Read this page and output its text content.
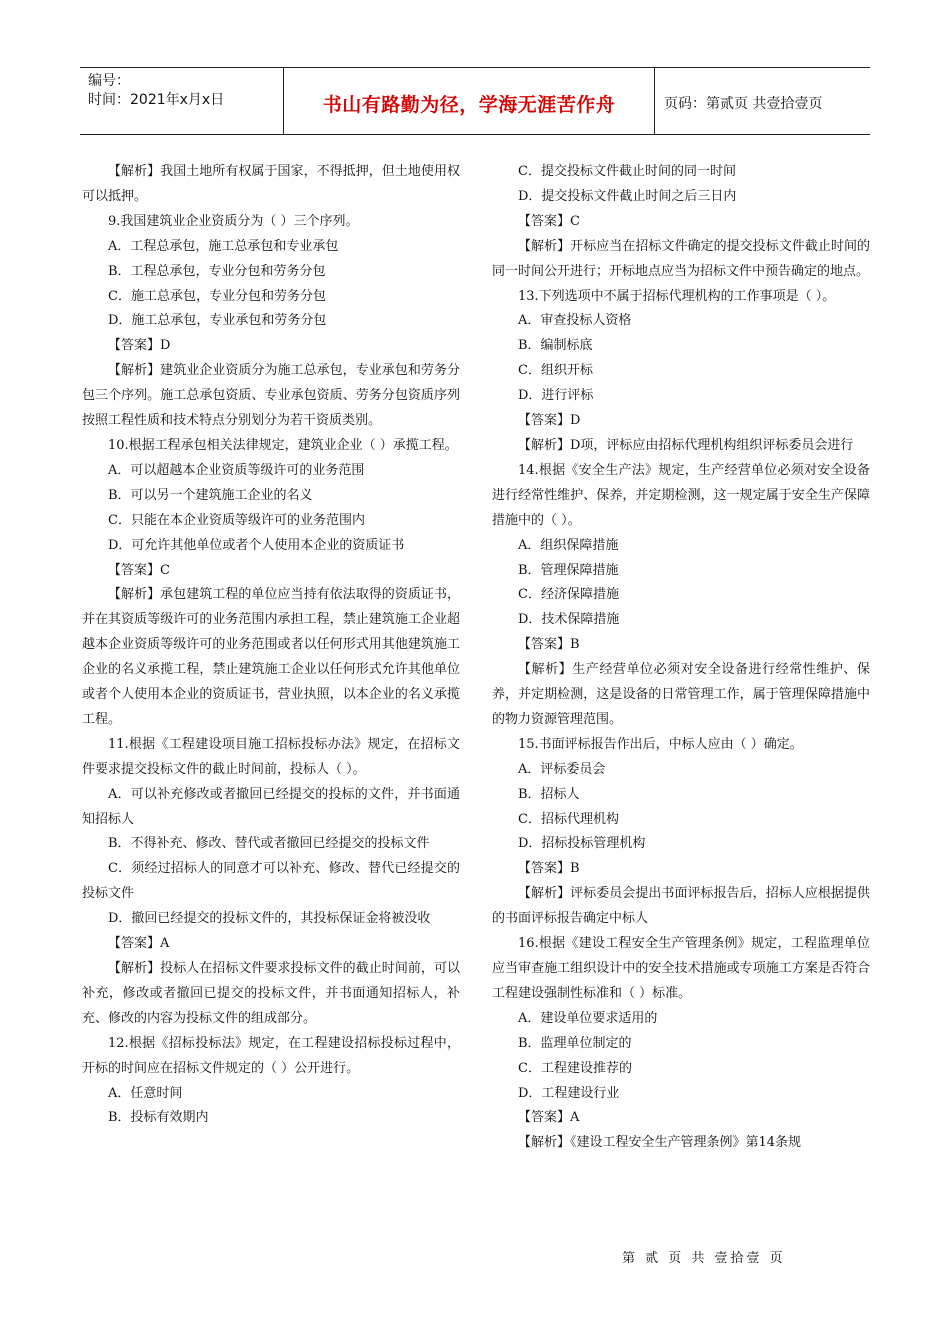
编号：
时间：2021年x月x日	书山有路勤为径，学海无涯苦作舟	页码：第贰页 共壹拾壹页

【解析】我国土地所有权属于国家，不得抵押，但土地使用权可以抵押。

9.我国建筑业企业资质分为（ ）三个序列。

A．工程总承包，施工总承包和专业承包

B．工程总承包，专业分包和劳务分包

C．施工总承包，专业分包和劳务分包

D．施工总承包，专业承包和劳务分包

【答案】D

【解析】建筑业企业资质分为施工总承包，专业承包和劳务分包三个序列。施工总承包资质、专业承包资质、劳务分包资质序列按照工程性质和技术特点分别划分为若干资质类别。

10.根据工程承包相关法律规定，建筑业企业（ ）承揽工程。

A．可以超越本企业资质等级许可的业务范围

B．可以另一个建筑施工企业的名义

C．只能在本企业资质等级许可的业务范围内

D．可允许其他单位或者个人使用本企业的资质证书

【答案】C

【解析】承包建筑工程的单位应当持有依法取得的资质证书，并在其资质等级许可的业务范围内承担工程，禁止建筑施工企业超越本企业资质等级许可的业务范围或者以任何形式用其他建筑施工企业的名义承揽工程，禁止建筑施工企业以任何形式允许其他单位或者个人使用本企业的资质证书，营业执照，以本企业的名义承揽工程。

11.根据《工程建设项目施工招标投标办法》规定，在招标文件要求提交投标文件的截止时间前，投标人（ ）。

A．可以补充修改或者撤回已经提交的投标的文件，并书面通知招标人

B．不得补充、修改、替代或者撤回已经提交的投标文件

C．须经过招标人的同意才可以补充、修改、替代已经提交的投标文件

D．撤回已经提交的投标文件的，其投标保证金将被没收

【答案】A

【解析】投标人在招标文件要求投标文件的截止时间前，可以补充，修改或者撤回已提交的投标文件，并书面通知招标人，补充、修改的内容为投标文件的组成部分。

12.根据《招标投标法》规定，在工程建设招标投标过程中，开标的时间应在招标文件规定的（ ）公开进行。

A．任意时间

B．投标有效期内

C．提交投标文件截止时间的同一时间

D．提交投标文件截止时间之后三日内

【答案】C

【解析】开标应当在招标文件确定的提交投标文件截止时间的同一时间公开进行；开标地点应当为招标文件中预告确定的地点。

13.下列选项中不属于招标代理机构的工作事项是（ ）。

A．审查投标人资格

B．编制标底

C．组织开标

D．进行评标

【答案】D

【解析】D项，评标应由招标代理机构组织评标委员会进行

14.根据《安全生产法》规定，生产经营单位必须对安全设备进行经常性维护、保养，并定期检测，这一规定属于安全生产保障措施中的（ ）。

A．组织保障措施

B．管理保障措施

C．经济保障措施

D．技术保障措施

【答案】B

【解析】生产经营单位必须对安全设备进行经常性维护、保养，并定期检测，这是设备的日常管理工作，属于管理保障措施中的物力资源管理范围。

15.书面评标报告作出后，中标人应由（ ）确定。

A．评标委员会

B．招标人

C．招标代理机构

D．招标投标管理机构

【答案】B

【解析】评标委员会提出书面评标报告后，招标人应根据提供的书面评标报告确定中标人

16.根据《建设工程安全生产管理条例》规定，工程监理单位应当审查施工组织设计中的安全技术措施或专项施工方案是否符合工程建设强制性标准和（ ）标准。

A．建设单位要求适用的

B．监理单位制定的

C．工程建设推荐的

D．工程建设行业

【答案】A

【解析】《建设工程安全生产管理条例》第14条规

第 贰 页 共 壹拾壹 页
